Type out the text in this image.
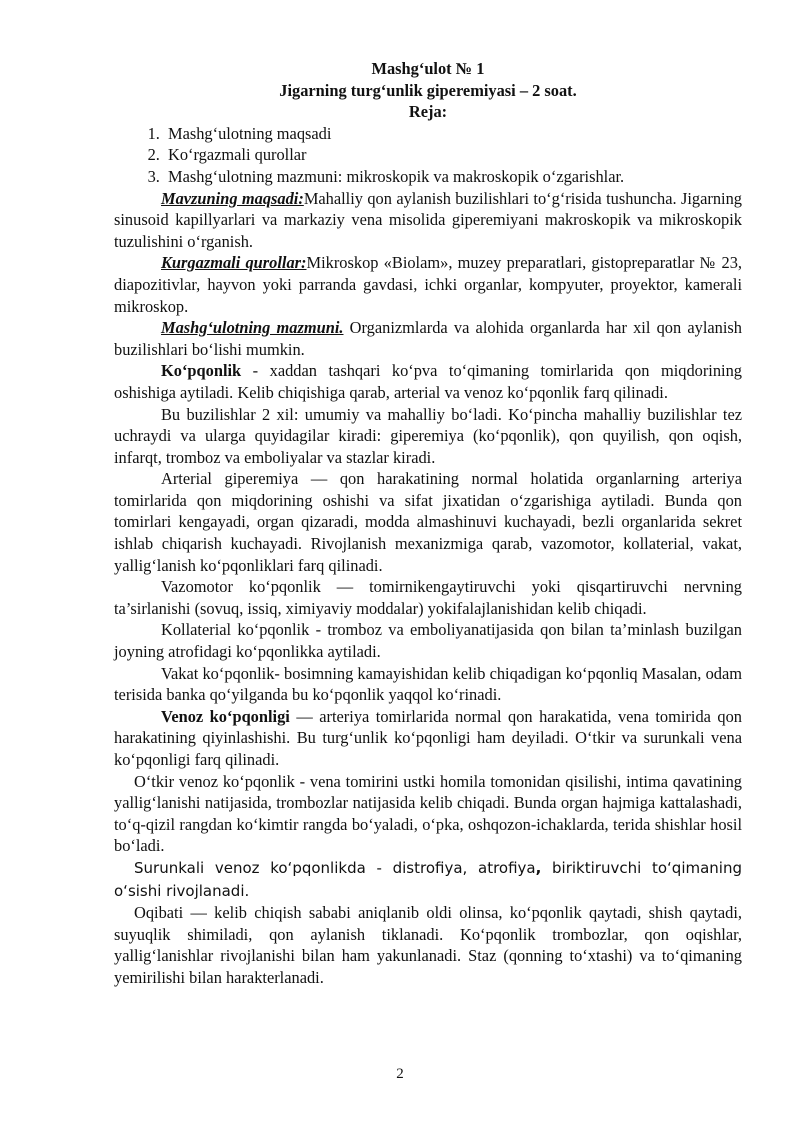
Mashg‘ulot № 1

Jigarning turg‘unlik giperemiyasi – 2 soat.

Reja:

1. Mashg‘ulotning maqsadi
2. Ko‘rgazmali qurollar
3. Mashg‘ulotning mazmuni: mikroskopik va makroskopik o‘zgarishlar.

Mavzuning maqsadi:Mahalliy qon aylanish buzilishlari to‘g‘risida tushuncha. Jigarning sinusoid kapillyarlari va markaziy vena misolida giperemiyani makroskopik va mikroskopik tuzulishini o‘rganish.

Kurgazmali qurollar:Mikroskop «Biolam», muzey preparatlari, gistopreparatlar № 23, diapozitivlar, hayvon yoki parranda gavdasi, ichki organlar, kompyuter, proyektor, kamerali mikroskop.

Mashg‘ulotning mazmuni. Organizmlarda va alohida organlarda har xil qon aylanish buzilishlari bo‘lishi mumkin.

Ko‘pqonlik - xaddan tashqari ko‘pva to‘qimaning tomirlarida qon miqdorining oshishiga aytiladi. Kelib chiqishiga qarab, arterial va venoz ko‘pqonlik farq qilinadi.

Bu buzilishlar 2 xil: umumiy va mahalliy bo‘ladi. Ko‘pincha mahalliy buzilishlar tez uchraydi va ularga quyidagilar kiradi: giperemiya (ko‘pqonlik), qon quyilish, qon oqish, infarqt, tromboz va emboliyalar va stazlar kiradi.

Arterial giperemiya — qon harakatining normal holatida organlarning arteriya tomirlarida qon miqdorining oshishi va sifat jixatidan o‘zgarishiga aytiladi. Bunda qon tomirlari kengayadi, organ qizaradi, modda almashinuvi kuchayadi, bezli organlarida sekret ishlab chiqarish kuchayadi. Rivojlanish mexanizmiga qarab, vazomotor, kollaterial, vakat, yallig‘lanish ko‘pqonliklari farq qilinadi.

Vazomotor ko‘pqonlik — tomirnikengaytiruvchi yoki qisqartiruvchi nervning ta’sirlanishi (sovuq, issiq, ximiyaviy moddalar) yokifalajlanishidan kelib chiqadi.

Kollaterial ko‘pqonlik - tromboz va emboliyanatijasida qon bilan ta’minlash buzilgan joyning atrofidagi ko‘pqonlikka aytiladi.

Vakat ko‘pqonlik- bosimning kamayishidan kelib chiqadigan ko‘pqonliq Masalan, odam terisida banka qo‘yilganda bu ko‘pqonlik yaqqol ko‘rinadi.

Venoz ko‘pqonligi — arteriya tomirlarida normal qon harakatida, vena tomirida qon harakatining qiyinlashishi. Bu turg‘unlik ko‘pqonligi ham deyiladi. O‘tkir va surunkali vena ko‘pqonligi farq qilinadi.

O‘tkir venoz ko‘pqonlik - vena tomirini ustki homila tomonidan qisilishi, intima qavatining yallig‘lanishi natijasida, trombozlar natijasida kelib chiqadi. Bunda organ hajmiga kattalashadi, to‘q-qizil rangdan ko‘kimtir rangda bo‘yaladi, o‘pka, oshqozon-ichaklarda, terida shishlar hosil bo‘ladi.

Surunkali venoz ko‘pqonlikda - distrofiya, atrofiya, biriktiruvchi to‘qimaning o‘sishi rivojlanadi.

Oqibati — kelib chiqish sababi aniqlanib oldi olinsa, ko‘pqonlik qaytadi, shish qaytadi, suyuqlik shimiladi, qon aylanish tiklanadi. Ko‘pqonlik trombozlar, qon oqishlar, yallig‘lanishlar rivojlanishi bilan ham yakunlanadi. Staz (qonning to‘xtashi) va to‘qimaning yemirilishi bilan harakterlanadi.

2
